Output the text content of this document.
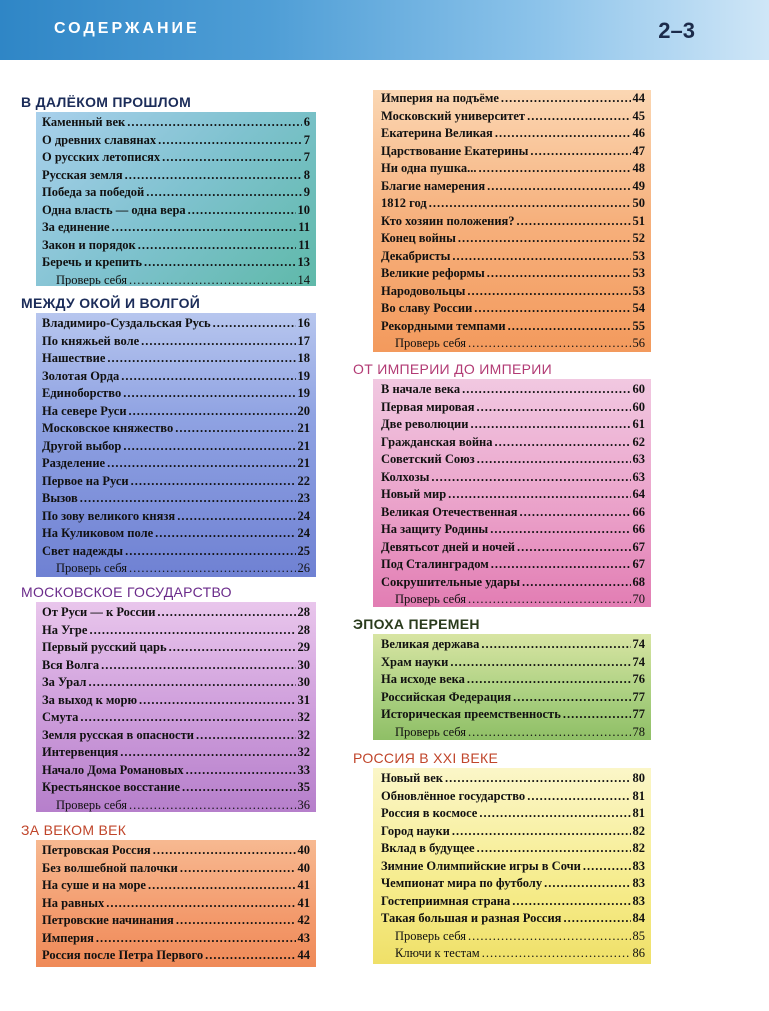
СОДЕРЖАНИЕ	2–3
В ДАЛЁКОМ ПРОШЛОМ
Каменный век .....	6
О древних славянах .....	7
О русских летописях .....	7
Русская земля .....	8
Победа за победой .....	9
Одна власть — одна вера .....	10
За единение .....	11
Закон и порядок .....	11
Беречь и крепить .....	13
Проверь себя .....	14
МЕЖДУ ОКОЙ И ВОЛГОЙ
Владимиро-Суздальская Русь .....	16
По княжьей воле .....	17
Нашествие .....	18
Золотая Орда .....	19
Единоборство .....	19
На севере Руси .....	20
Московское княжество .....	21
Другой выбор .....	21
Разделение .....	21
Первое на Руси .....	22
Вызов .....	23
По зову великого князя .....	24
На Куликовом поле .....	24
Свет надежды .....	25
Проверь себя .....	26
МОСКОВСКОЕ ГОСУДАРСТВО
От Руси — к России .....	28
На Угре .....	28
Первый русский царь .....	29
Вся Волга .....	30
За Урал .....	30
За выход к морю .....	31
Смута .....	32
Земля русская в опасности .....	32
Интервенция .....	32
Начало Дома Романовых .....	33
Крестьянское восстание .....	35
Проверь себя .....	36
ЗА ВЕКОМ ВЕК
Петровская Россия .....	40
Без волшебной палочки .....	40
На суше и на море .....	41
На равных .....	41
Петровские начинания .....	42
Империя .....	43
Россия после Петра Первого .....	44
Империя на подъёме .....	44
Московский университет .....	45
Екатерина Великая .....	46
Царствование Екатерины .....	47
Ни одна пушка... .....	48
Благие намерения .....	49
1812 год .....	50
Кто хозяин положения? .....	51
Конец войны .....	52
Декабристы .....	53
Великие реформы .....	53
Народовольцы .....	53
Во славу России .....	54
Рекордными темпами .....	55
Проверь себя .....	56
ОТ ИМПЕРИИ ДО ИМПЕРИИ
В начале века .....	60
Первая мировая .....	60
Две революции .....	61
Гражданская война .....	62
Советский Союз .....	63
Колхозы .....	63
Новый мир .....	64
Великая Отечественная .....	66
На защиту Родины .....	66
Девятьсот дней и ночей .....	67
Под Сталинградом .....	67
Сокрушительные удары .....	68
Проверь себя .....	70
ЭПОХА ПЕРЕМЕН
Великая держава .....	74
Храм науки .....	74
На исходе века .....	76
Российская Федерация .....	77
Историческая преемственность .....	77
Проверь себя .....	78
РОССИЯ В XXI ВЕКЕ
Новый век .....	80
Обновлённое государство .....	81
Россия в космосе .....	81
Город науки .....	82
Вклад в будущее .....	82
Зимние Олимпийские игры в Сочи .....	83
Чемпионат мира по футболу .....	83
Гостеприимная страна .....	83
Такая большая и разная Россия .....	84
Проверь себя .....	85
Ключи к тестам .....	86
